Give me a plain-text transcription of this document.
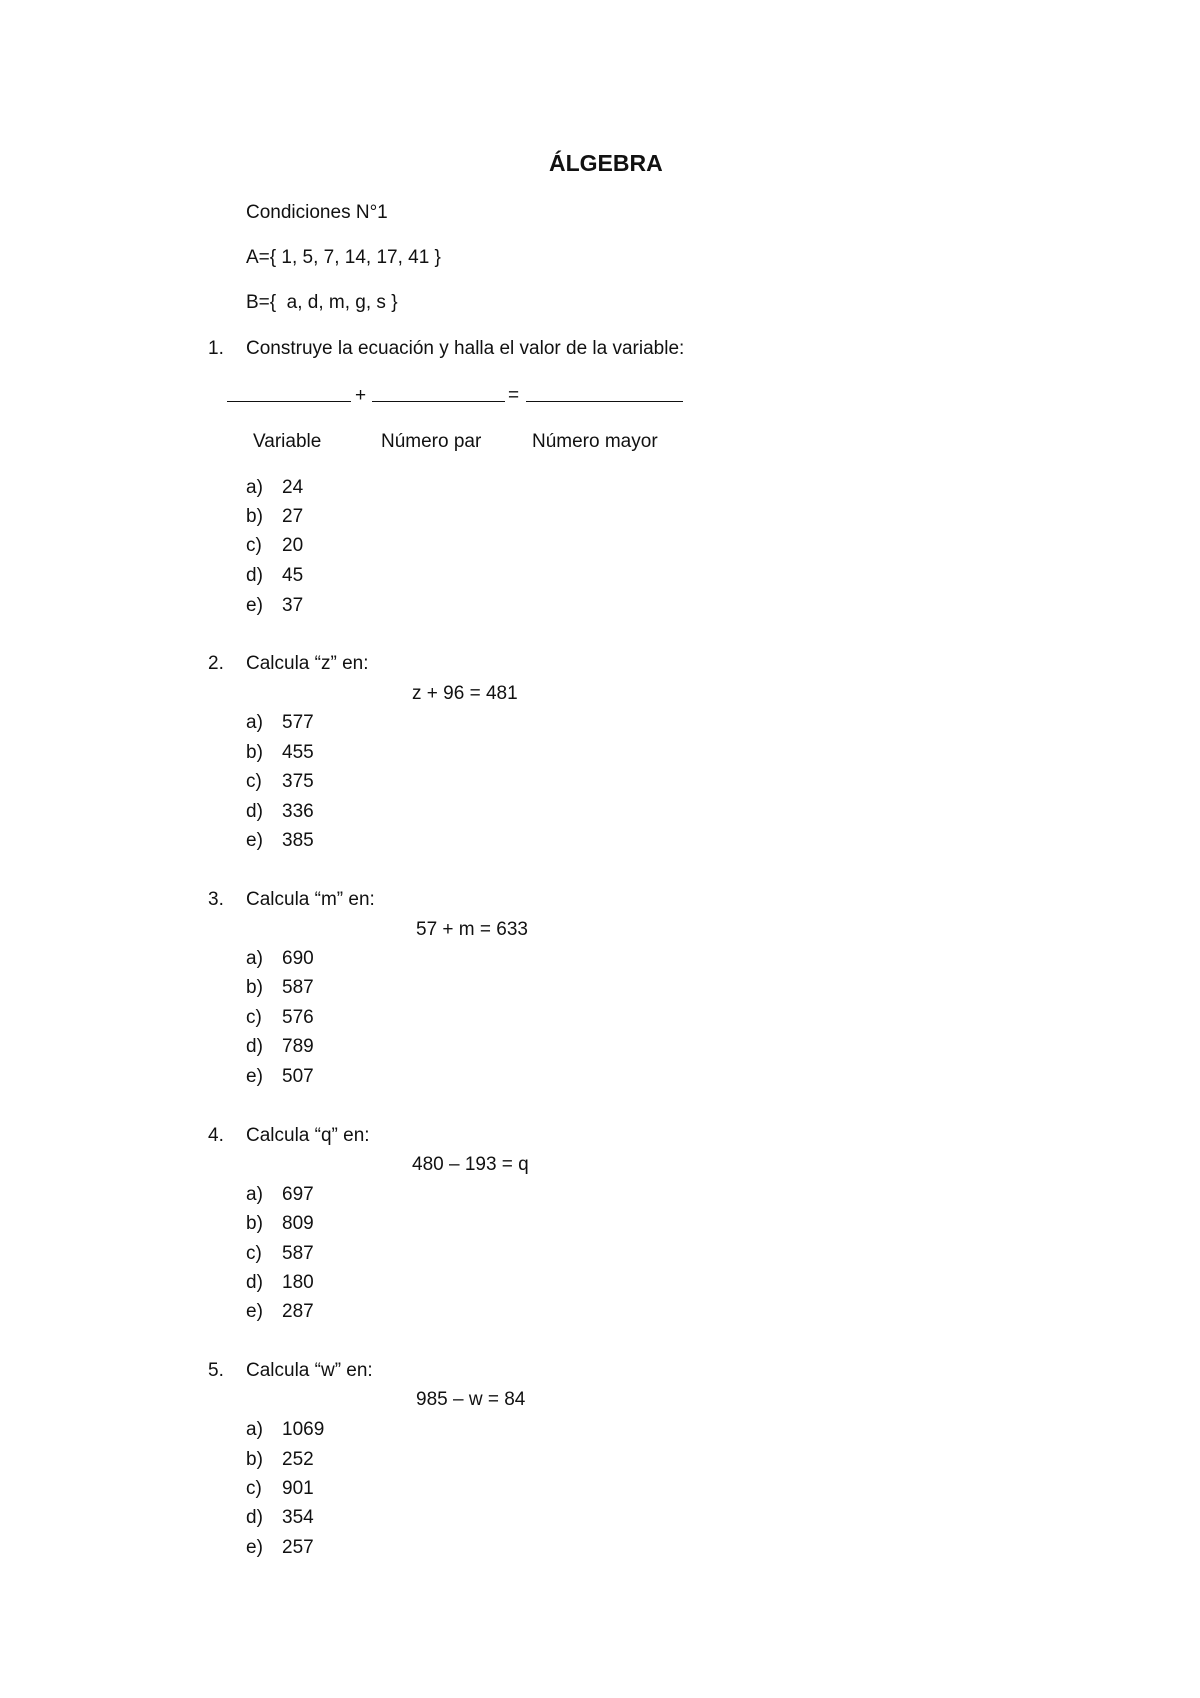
ÁLGEBRA
Condiciones N°1
A={ 1, 5, 7, 14, 17, 41 }
B={  a, d, m, g, s }
1. Construye la ecuación y halla el valor de la variable:
+	=
Variable	Número par	Número mayor
a) 24
b) 27
c) 20
d) 45
e) 37
2. Calcula “z” en:
z + 96 = 481
a) 577
b) 455
c) 375
d) 336
e) 385
3. Calcula “m” en:
57 + m = 633
a) 690
b) 587
c) 576
d) 789
e) 507
4. Calcula “q” en:
480 – 193 = q
a) 697
b) 809
c) 587
d) 180
e) 287
5. Calcula “w” en:
985 – w = 84
a) 1069
b) 252
c) 901
d) 354
e) 257
